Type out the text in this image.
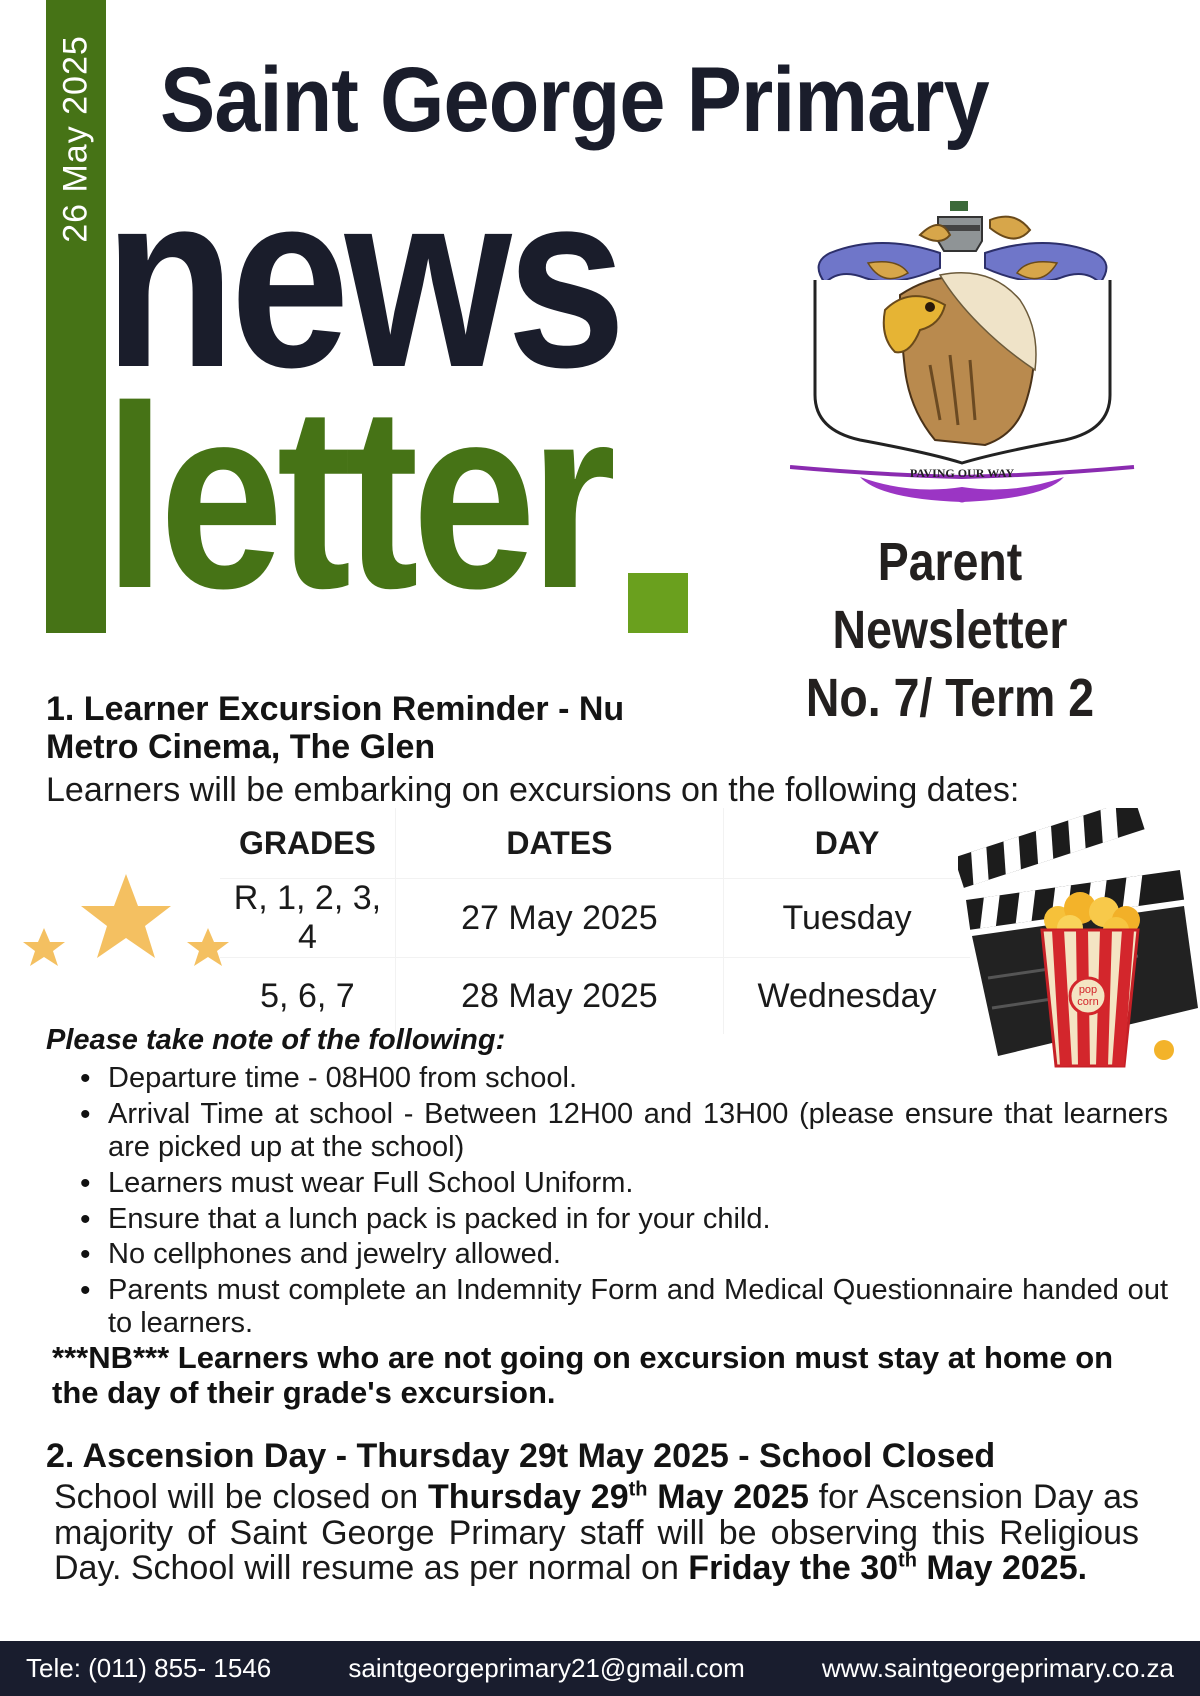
26 May 2025 Saint George Primary
news
letter	PAVING OUR WAY
Parent Newsletter
No. 7/ Term 2
1. Learner Excursion Reminder - Nu
Metro Cinema, The Glen
Learners will be embarking on excursions on the following dates:
GRADES	DATES	DAY
R, 1, 2, 3, 4	27 May 2025	Tuesday
5, 6, 7	28 May 2025	Wednesday	pop
corn
Please take note of the following:
• Departure time - 08H00 from school.
• Arrival Time at school - Between 12H00 and 13H00 (please ensure that learners are picked up at the school)
• Learners must wear Full School Uniform.
• Ensure that a lunch pack is packed in for your child.
• No cellphones and jewelry allowed.
• Parents must complete an Indemnity Form and Medical Questionnaire handed out to learners.
***NB*** Learners who are not going on excursion must stay at home on the day of their grade's excursion.
2. Ascension Day - Thursday 29t May 2025 - School Closed
School will be closed on Thursday 29th May 2025 for Ascension Day as majority of Saint George Primary staff will be observing this Religious Day. School will resume as per normal on Friday the 30th May 2025.
Tele: (011) 855- 1546	saintgeorgeprimary21@gmail.com	www.saintgeorgeprimary.co.za
